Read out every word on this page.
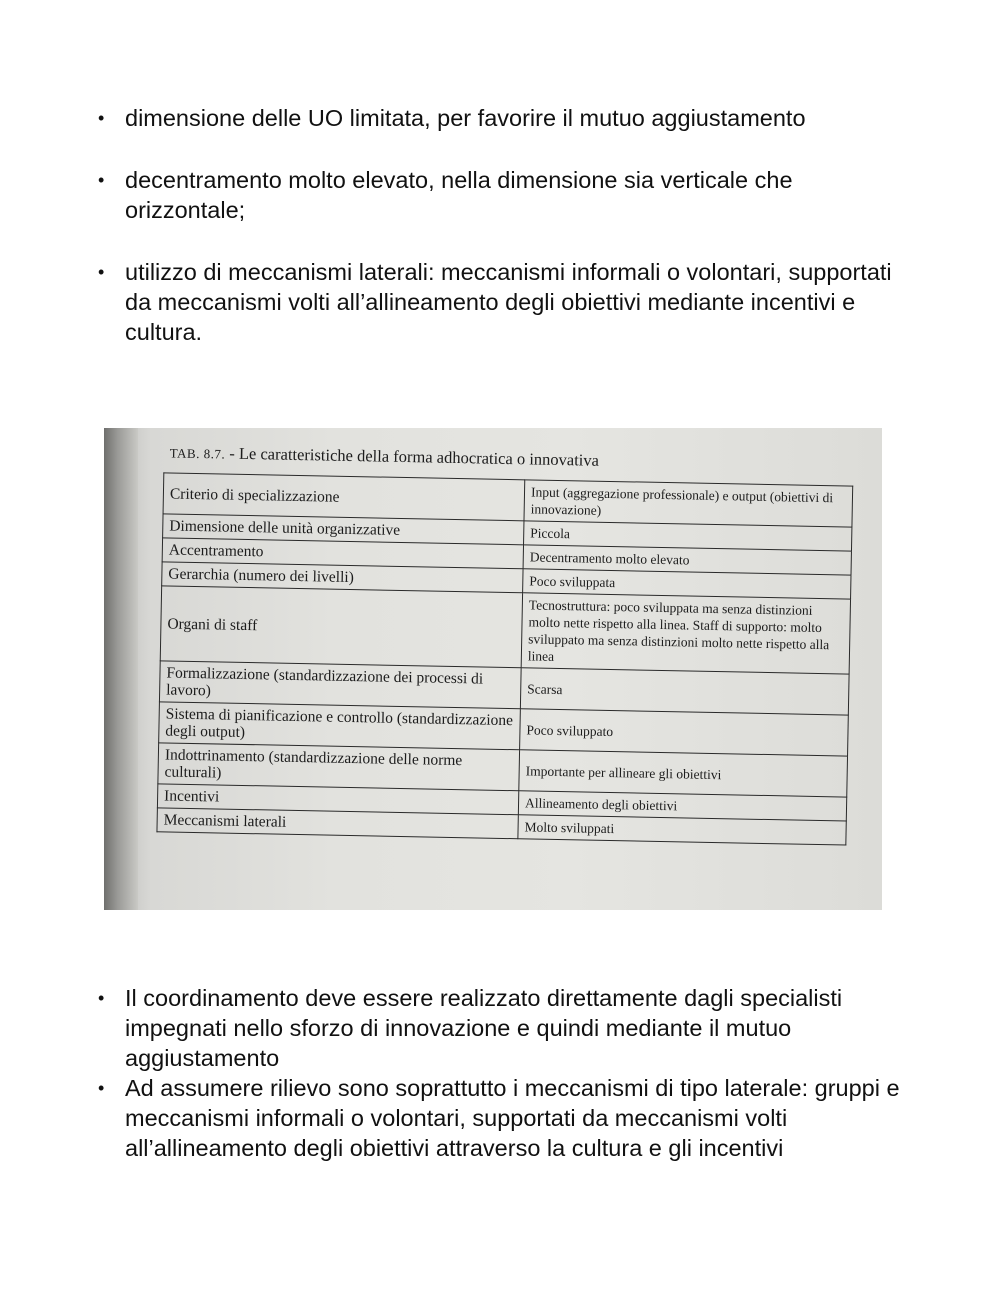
• dimensione delle UO limitata, per favorire il mutuo aggiustamento
• decentramento molto elevato, nella dimensione sia verticale che orizzontale;
• utilizzo di meccanismi laterali: meccanismi informali o volontari, supportati da meccanismi volti all’allineamento degli obiettivi mediante incentivi e cultura.
TAB. 8.7. - Le caratteristiche della forma adhocratica o innovativa
Criterio di specializzazione	Input (aggregazione professionale) e output (obiettivi di innovazione)
Dimensione delle unità organizzative	Piccola
Accentramento	Decentramento molto elevato
Gerarchia (numero dei livelli)	Poco sviluppata
Organi di staff	Tecnostruttura: poco sviluppata ma senza distinzioni molto nette rispetto alla linea. Staff di supporto: molto sviluppato ma senza distinzioni molto nette rispetto alla linea
Formalizzazione (standardizzazione dei processi di lavoro)	Scarsa
Sistema di pianificazione e controllo (standardizzazione degli output)	Poco sviluppato
Indottrinamento (standardizzazione delle norme culturali)	Importante per allineare gli obiettivi
Incentivi	Allineamento degli obiettivi
Meccanismi laterali	Molto sviluppati
• Il coordinamento deve essere realizzato direttamente dagli specialisti impegnati nello sforzo di innovazione e quindi mediante il mutuo aggiustamento
• Ad assumere rilievo sono soprattutto i meccanismi di tipo laterale: gruppi e meccanismi informali o volontari, supportati da meccanismi volti all’allineamento degli obiettivi attraverso la cultura e gli incentivi
